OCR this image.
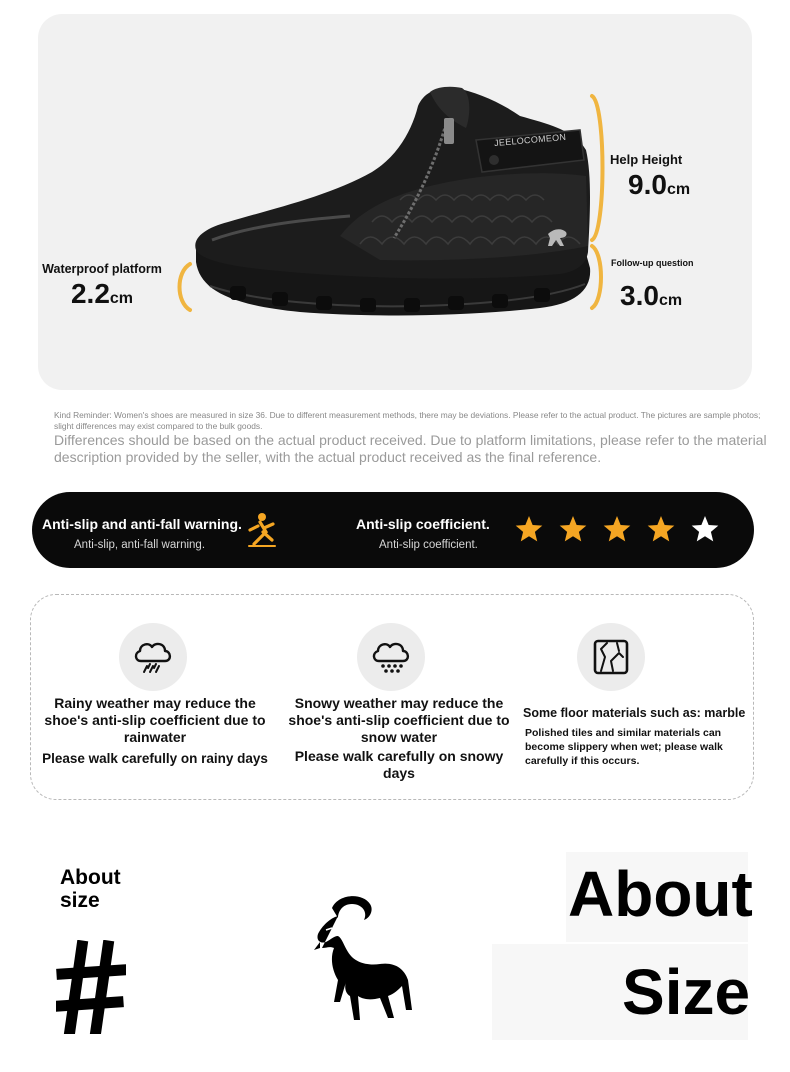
JEELOCOMEON
Waterproof platform
2.2cm
Help Height
9.0cm
Follow-up question
3.0cm
Kind Reminder: Women's shoes are measured in size 36. Due to different measurement methods, there may be deviations. Please refer to the actual product. The pictures are sample photos; slight differences may exist compared to the bulk goods.
Differences should be based on the actual product received. Due to platform limitations, please refer to the material description provided by the seller, with the actual product received as the final reference.
Anti-slip and anti-fall warning.
Anti-slip, anti-fall warning.
Anti-slip coefficient.
Anti-slip coefficient.
Rainy weather may reduce the shoe's anti-slip coefficient due to rainwater
Please walk carefully on rainy days
Snowy weather may reduce the shoe's anti-slip coefficient due to snow water
Please walk carefully on snowy days
Some floor materials such as: marble
Polished tiles and similar materials can become slippery when wet; please walk carefully if this occurs.
About size	About
Size
